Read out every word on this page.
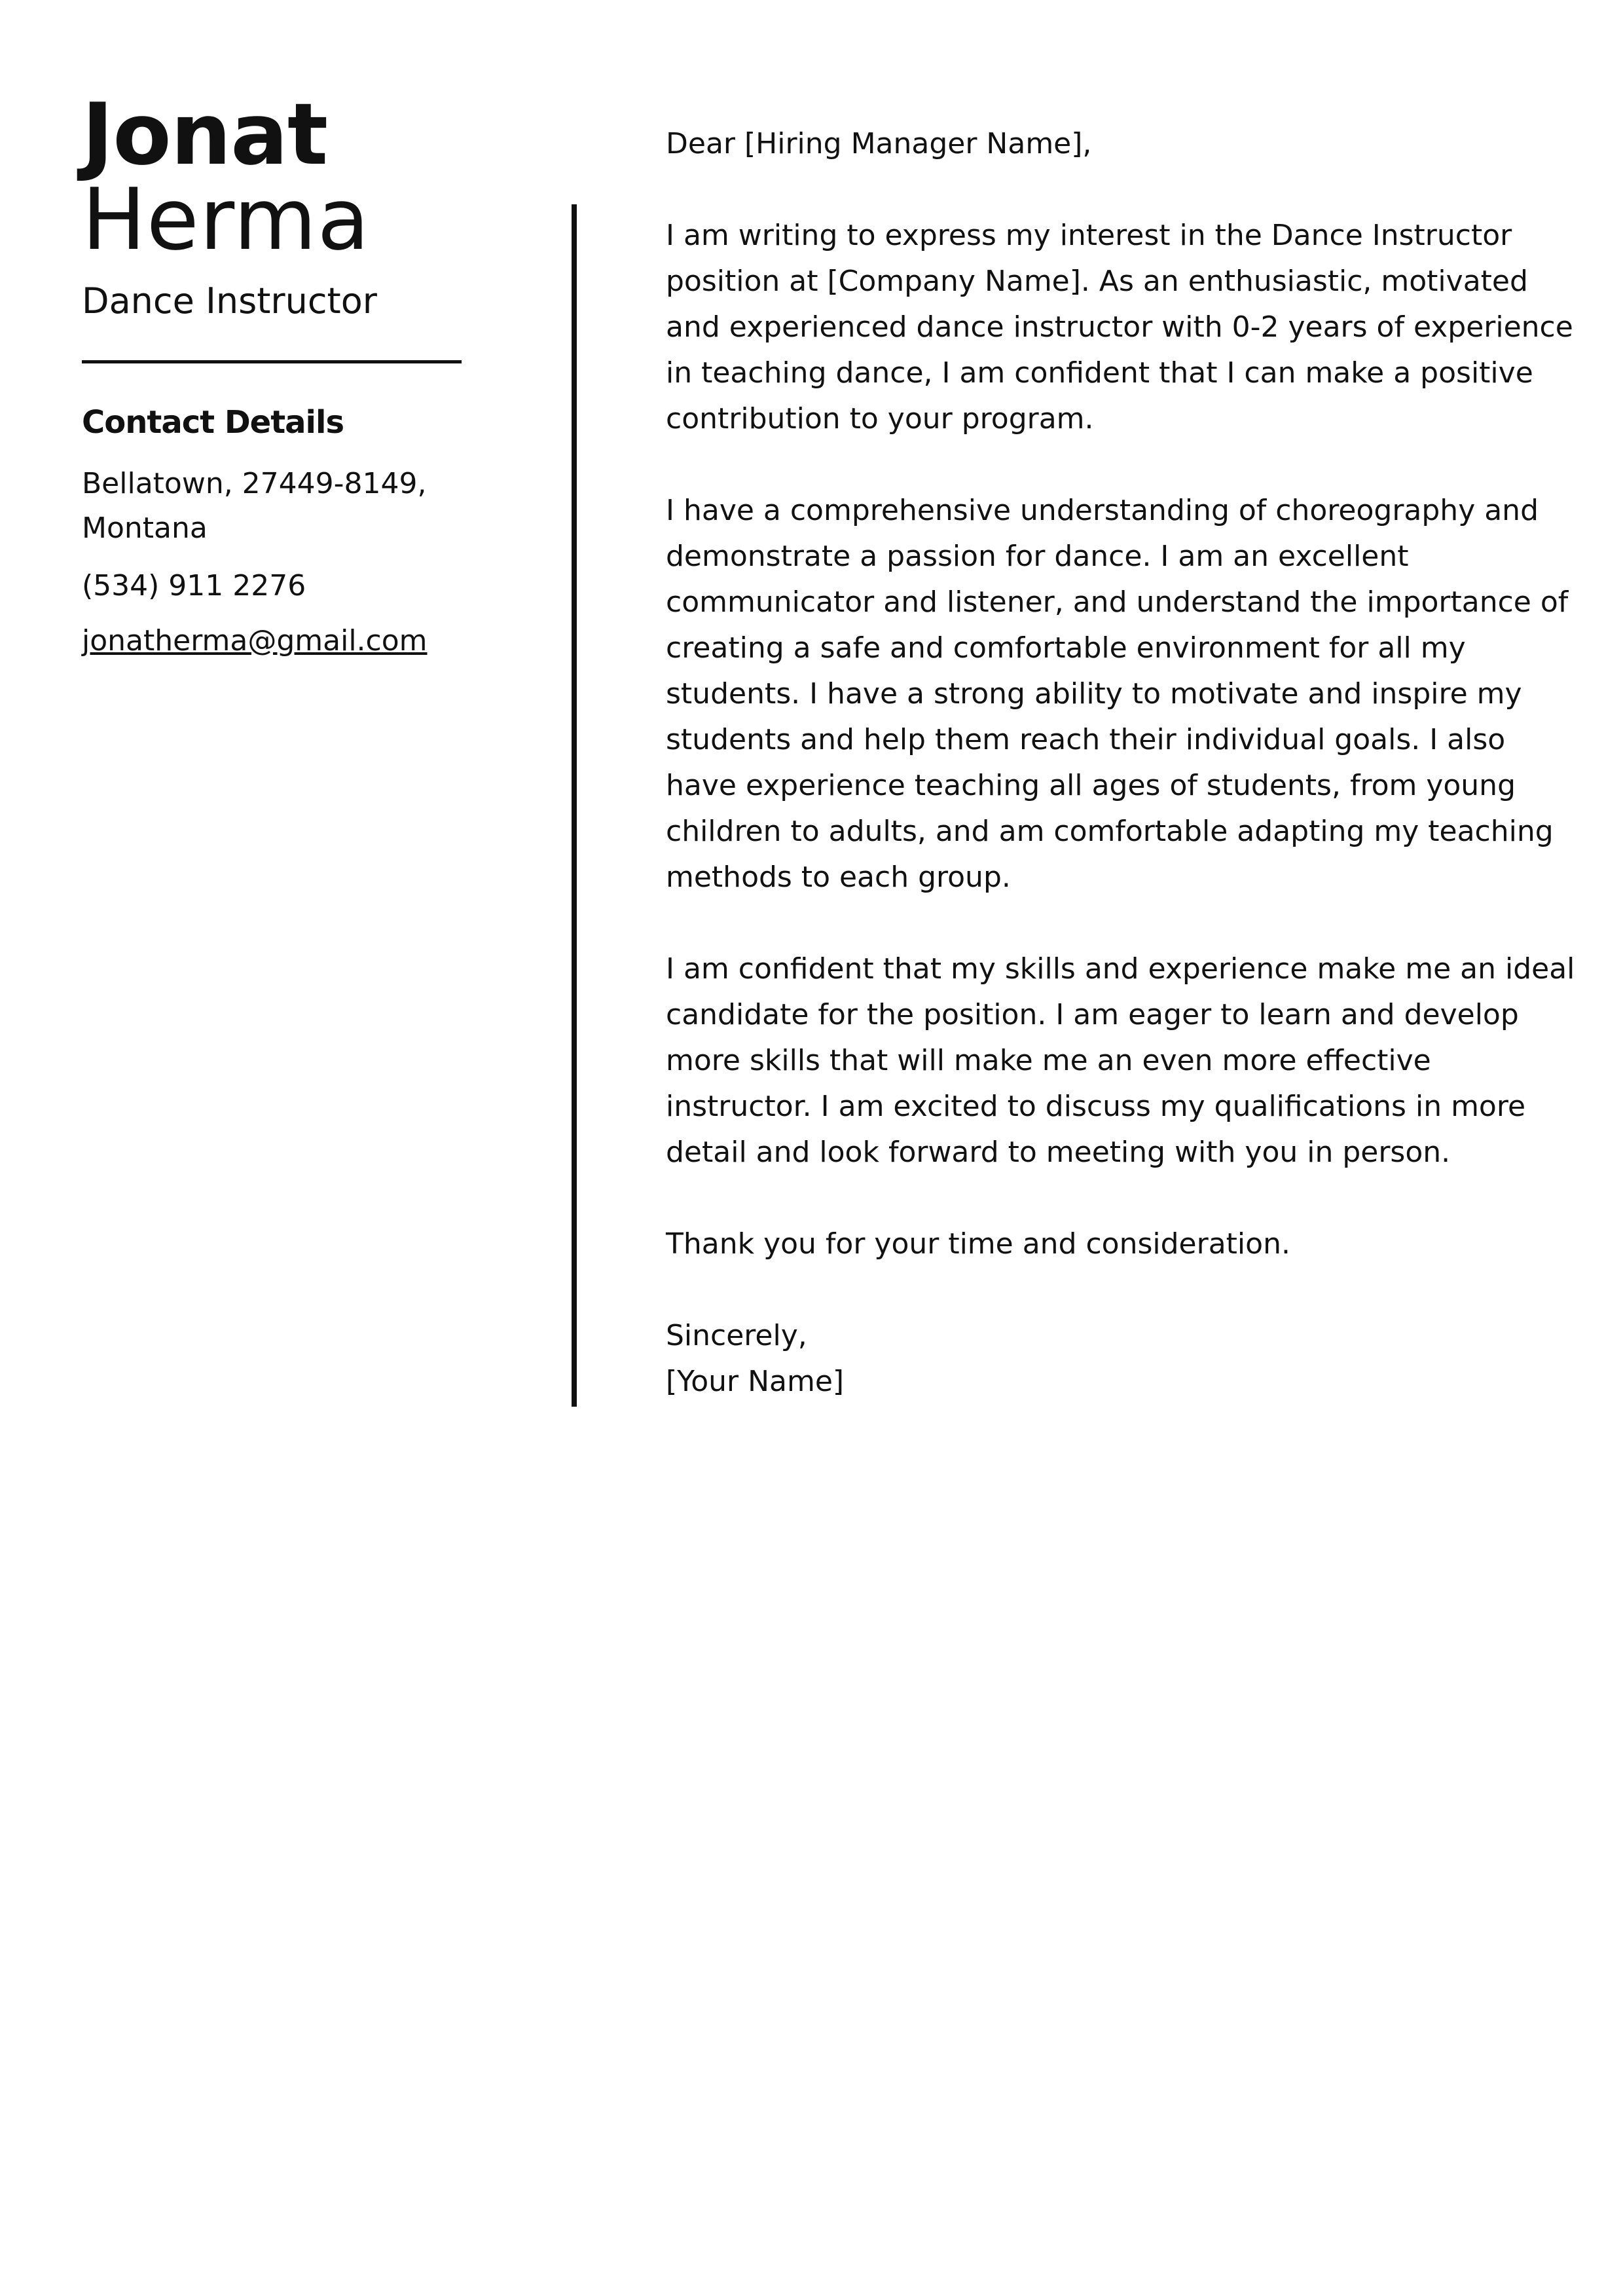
Jonat
Herma
Dance Instructor
Contact Details
Bellatown, 27449-8149,
Montana
(534) 911 2276
jonatherma@gmail.com

Dear [Hiring Manager Name],

I am writing to express my interest in the Dance Instructor
position at [Company Name]. As an enthusiastic, motivated
and experienced dance instructor with 0-2 years of experience
in teaching dance, I am confident that I can make a positive
contribution to your program.

I have a comprehensive understanding of choreography and
demonstrate a passion for dance. I am an excellent
communicator and listener, and understand the importance of
creating a safe and comfortable environment for all my
students. I have a strong ability to motivate and inspire my
students and help them reach their individual goals. I also
have experience teaching all ages of students, from young
children to adults, and am comfortable adapting my teaching
methods to each group.

I am confident that my skills and experience make me an ideal
candidate for the position. I am eager to learn and develop
more skills that will make me an even more effective
instructor. I am excited to discuss my qualifications in more
detail and look forward to meeting with you in person.

Thank you for your time and consideration.

Sincerely,
[Your Name]
